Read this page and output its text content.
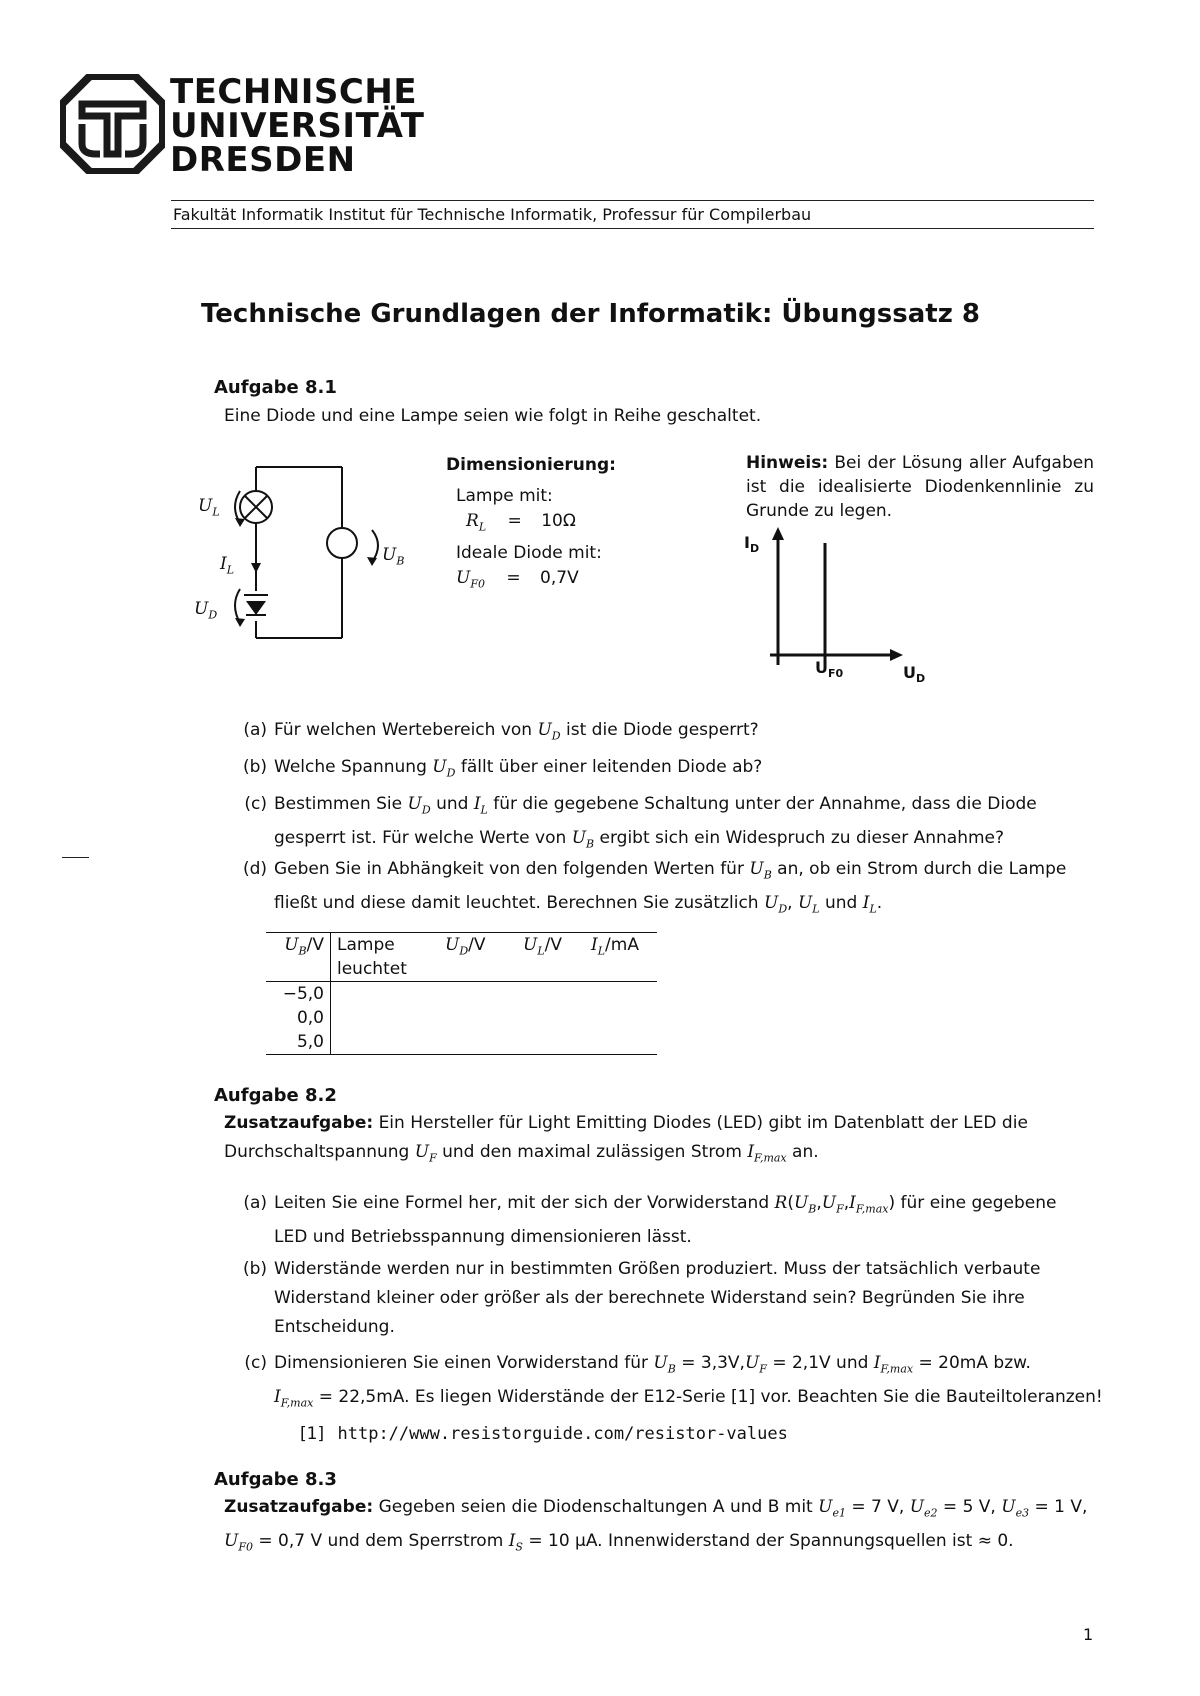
TECHNISCHE
UNIVERSITÄT
DRESDEN
Fakultät Informatik Institut für Technische Informatik, Professur für Compilerbau
Technische Grundlagen der Informatik: Übungssatz 8
Aufgabe 8.1
Eine Diode und eine Lampe seien wie folgt in Reihe geschaltet.
$U_L$
$I_L$
$U_D$
$U_B$
Dimensionierung:
Lampe mit:
$R_L = 10\Omega$
Ideale Diode mit:
$U_{F0} = 0,7V$
Hinweis: Bei der Lösung aller Aufgaben ist die idealisierte Diodenkennlinie zu Grunde zu legen.
$I_D$
$U_D$
$U_{F0}$
(a) Für welchen Wertebereich von $U_D$ ist die Diode gesperrt?
(b) Welche Spannung $U_D$ fällt über einer leitenden Diode ab?
(c) Bestimmen Sie $U_D$ und $I_L$ für die gegebene Schaltung unter der Annahme, dass die Diode
gesperrt ist. Für welche Werte von $U_B$ ergibt sich ein Widespruch zu dieser Annahme?
(d) Geben Sie in Abhängkeit von den folgenden Werten für $U_B$ an, ob ein Strom durch die Lampe
fließt und diese damit leuchtet. Berechnen Sie zusätzlich $U_D$, $U_L$ und $I_L$.
$U_B/V$	Lampe leuchtet	$U_D/V$	$U_L/V$	$I_L/mA$
−5,0				
0,0				
5,0				
Aufgabe 8.2
Zusatzaufgabe: Ein Hersteller für Light Emitting Diodes (LED) gibt im Datenblatt der LED die
Durchschaltspannung $U_F$ und den maximal zulässigen Strom $I_{F,max}$ an.
(a) Leiten Sie eine Formel her, mit der sich der Vorwiderstand $R(U_B,U_F,I_{F,max})$ für eine gegebene
LED und Betriebsspannung dimensionieren lässt.
(b) Widerstände werden nur in bestimmten Größen produziert. Muss der tatsächlich verbaute
Widerstand kleiner oder größer als der berechnete Widerstand sein? Begründen Sie ihre
Entscheidung.
(c) Dimensionieren Sie einen Vorwiderstand für $U_B = 3,3V,U_F = 2,1V$ und $I_{F,max} = 20mA$ bzw.
$I_{F,max} = 22,5mA$. Es liegen Widerstände der E12-Serie [1] vor. Beachten Sie die Bauteiltoleranzen!
[1] http://www.resistorguide.com/resistor-values
Aufgabe 8.3
Zusatzaufgabe: Gegeben seien die Diodenschaltungen A und B mit $U_{e1} = 7$ V, $U_{e2} = 5$ V, $U_{e3} = 1$ V,
$U_{F0} = 0,7$ V und dem Sperrstrom $I_S = 10$ μA. Innenwiderstand der Spannungsquellen ist ≈ 0.
1
